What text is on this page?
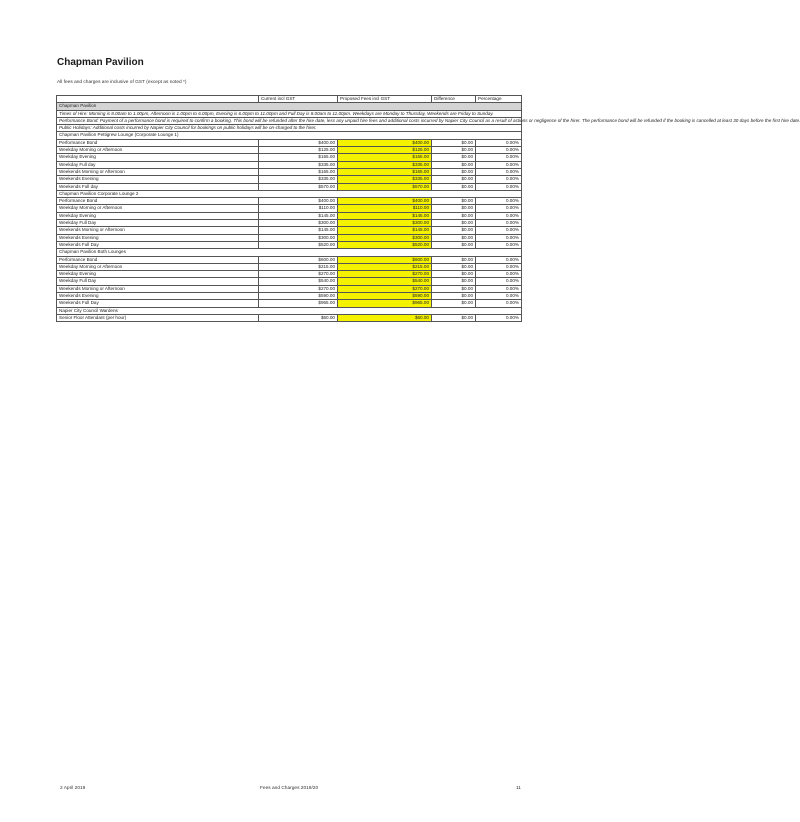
Chapman Pavilion
All fees and charges are inclusive of GST (except as noted *)
	Current incl GST	Proposed Fees incl GST	Difference	Percentage
Chapman Pavilion				
Times of Hire: Morning is 8.00am to 1.00pm, Afternoon is 1.00pm to 6.00pm, Evening is 6.00pm to 11.00pm and Full Day is 8.00am to 11.00pm. Weekdays are Monday to Thursday, Weekends are Friday to Sunday.				
Performance Bond: Payment of a performance bond is required to confirm a booking. This bond will be refunded after the hire date, less any unpaid hire fees and additional costs incurred by Napier City Council as a result of actions or negligence of the hirer. The performance bond will be refunded if the booking is cancelled at least 30 days before the first hire date.				
Public Holidays: Additional costs incurred by Napier City Council for bookings on public holidays will be on-charged to the hirer.				
Chapman Pavilion Pettigrew Lounge (Corporate Lounge 1)				
Performance Bond	$400.00	$400.00	$0.00	0.00%
Weekday Morning or Afternoon	$125.00	$125.00	$0.00	0.00%
Weekday Evening	$165.00	$165.00	$0.00	0.00%
Weekday Full day	$335.00	$335.00	$0.00	0.00%
Weekends Morning or Afternoon	$165.00	$165.00	$0.00	0.00%
Weekends Evening	$335.00	$335.00	$0.00	0.00%
Weekends Full day	$570.00	$570.00	$0.00	0.00%
Chapman Pavilion Corporate Lounge 2				
Performance Bond	$400.00	$400.00	$0.00	0.00%
Weekday Morning or Afternoon	$110.00	$110.00	$0.00	0.00%
Weekday Evening	$145.00	$145.00	$0.00	0.00%
Weekday Full Day	$300.00	$300.00	$0.00	0.00%
Weekends Morning or Afternoon	$145.00	$145.00	$0.00	0.00%
Weekends Evening	$300.00	$300.00	$0.00	0.00%
Weekends Full Day	$520.00	$520.00	$0.00	0.00%
Chapman Pavilion Both Lounges				
Performance Bond	$600.00	$600.00	$0.00	0.00%
Weekday Morning or Afternoon	$215.00	$215.00	$0.00	0.00%
Weekday Evening	$270.00	$270.00	$0.00	0.00%
Weekday Full Day	$540.00	$540.00	$0.00	0.00%
Weekends Morning or Afternoon	$270.00	$270.00	$0.00	0.00%
Weekends Evening	$590.00	$590.00	$0.00	0.00%
Weekends Full Day	$965.00	$965.00	$0.00	0.00%
Napier City Council Wardens				
Senior Floor Attendant (per hour)	$60.00	$60.00	$0.00	0.00%
2 April 2019	Fees and Charges 2019/20	11
